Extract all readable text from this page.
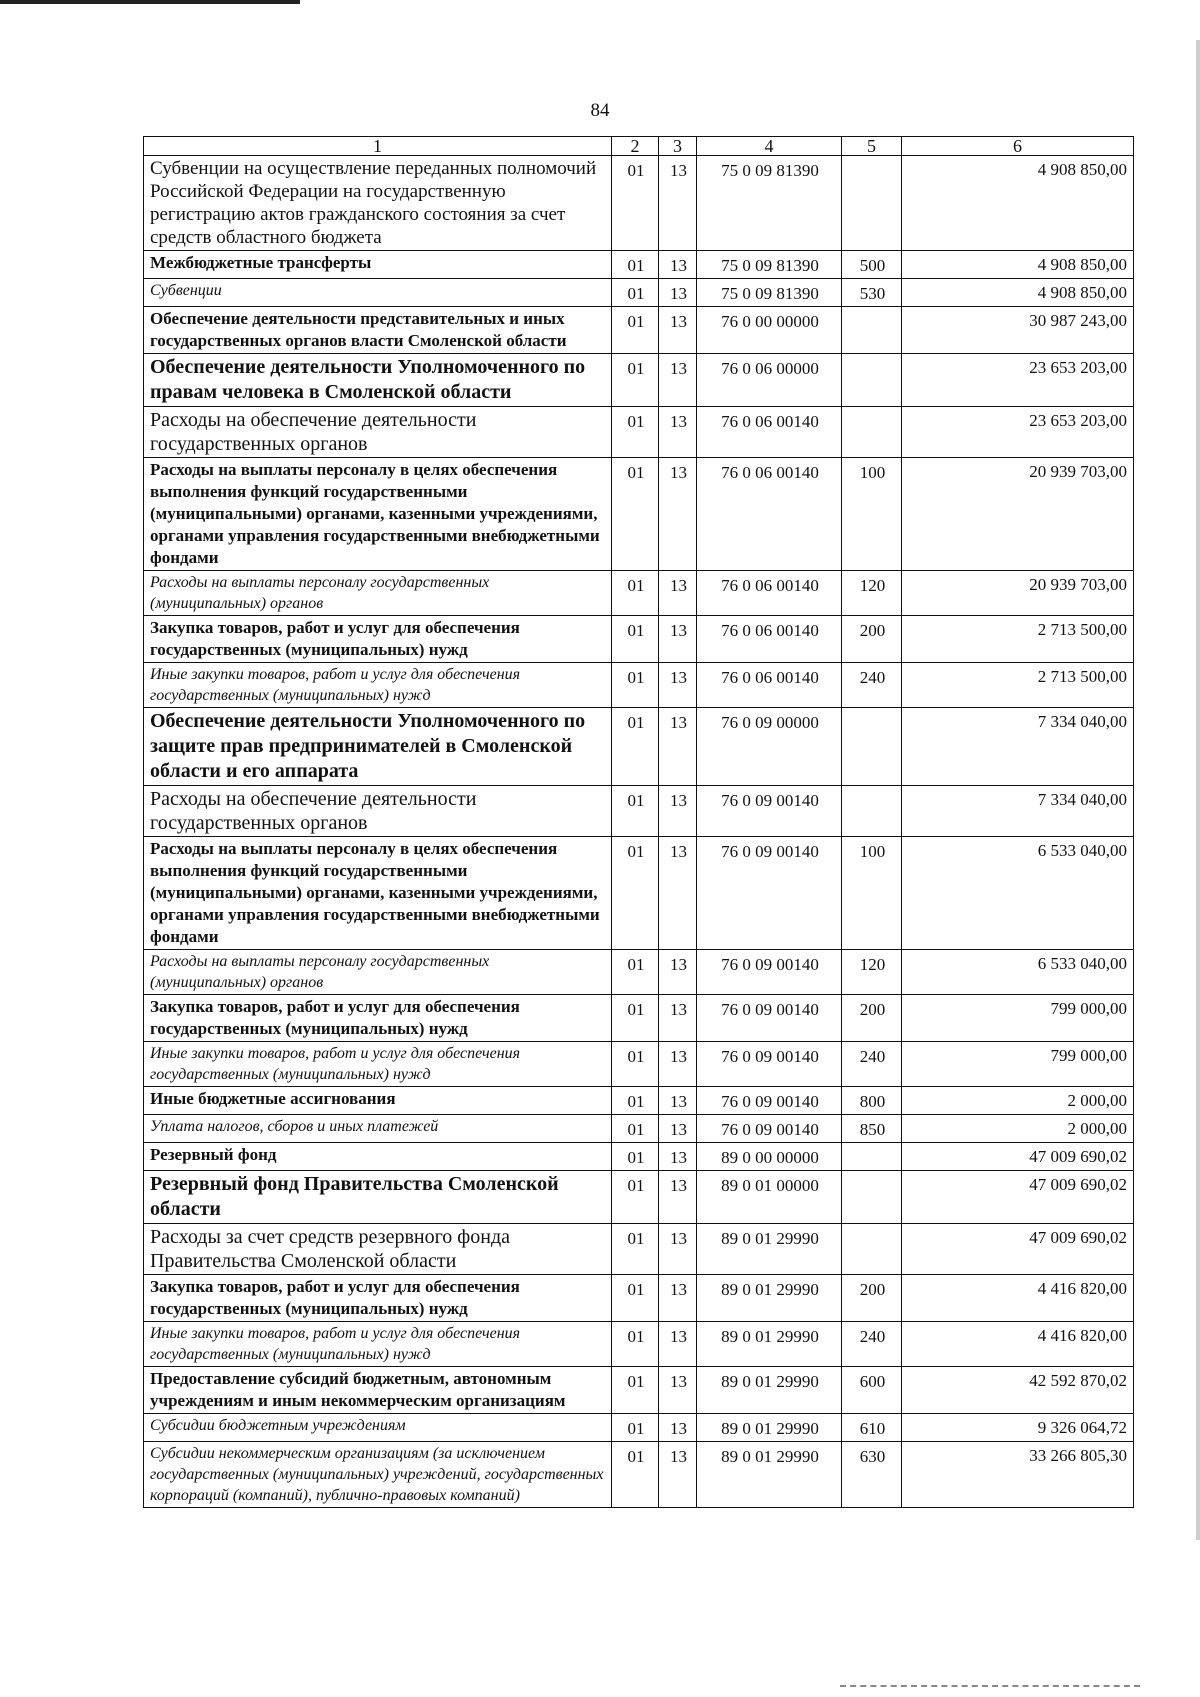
84
1	2	3	4	5	6
Субвенции на осуществление переданных полномочий Российской Федерации на государственную регистрацию актов гражданского состояния за счет средств областного бюджета	01	13	75 0 09 81390		4 908 850,00
Межбюджетные трансферты	01	13	75 0 09 81390	500	4 908 850,00
Субвенции	01	13	75 0 09 81390	530	4 908 850,00
Обеспечение деятельности представительных и иных государственных органов власти Смоленской области	01	13	76 0 00 00000		30 987 243,00
Обеспечение деятельности Уполномоченного по правам человека в Смоленской области	01	13	76 0 06 00000		23 653 203,00
Расходы на обеспечение деятельности государственных органов	01	13	76 0 06 00140		23 653 203,00
Расходы на выплаты персоналу в целях обеспечения выполнения функций государственными (муниципальными) органами, казенными учреждениями, органами управления государственными внебюджетными фондами	01	13	76 0 06 00140	100	20 939 703,00
Расходы на выплаты персоналу государственных (муниципальных) органов	01	13	76 0 06 00140	120	20 939 703,00
Закупка товаров, работ и услуг для обеспечения государственных (муниципальных) нужд	01	13	76 0 06 00140	200	2 713 500,00
Иные закупки товаров, работ и услуг для обеспечения государственных (муниципальных) нужд	01	13	76 0 06 00140	240	2 713 500,00
Обеспечение деятельности Уполномоченного по защите прав предпринимателей в Смоленской области и его аппарата	01	13	76 0 09 00000		7 334 040,00
Расходы на обеспечение деятельности государственных органов	01	13	76 0 09 00140		7 334 040,00
Расходы на выплаты персоналу в целях обеспечения выполнения функций государственными (муниципальными) органами, казенными учреждениями, органами управления государственными внебюджетными фондами	01	13	76 0 09 00140	100	6 533 040,00
Расходы на выплаты персоналу государственных (муниципальных) органов	01	13	76 0 09 00140	120	6 533 040,00
Закупка товаров, работ и услуг для обеспечения государственных (муниципальных) нужд	01	13	76 0 09 00140	200	799 000,00
Иные закупки товаров, работ и услуг для обеспечения государственных (муниципальных) нужд	01	13	76 0 09 00140	240	799 000,00
Иные бюджетные ассигнования	01	13	76 0 09 00140	800	2 000,00
Уплата налогов, сборов и иных платежей	01	13	76 0 09 00140	850	2 000,00
Резервный фонд	01	13	89 0 00 00000		47 009 690,02
Резервный фонд Правительства Смоленской области	01	13	89 0 01 00000		47 009 690,02
Расходы за счет средств резервного фонда Правительства Смоленской области	01	13	89 0 01 29990		47 009 690,02
Закупка товаров, работ и услуг для обеспечения государственных (муниципальных) нужд	01	13	89 0 01 29990	200	4 416 820,00
Иные закупки товаров, работ и услуг для обеспечения государственных (муниципальных) нужд	01	13	89 0 01 29990	240	4 416 820,00
Предоставление субсидий бюджетным, автономным учреждениям и иным некоммерческим организациям	01	13	89 0 01 29990	600	42 592 870,02
Субсидии бюджетным учреждениям	01	13	89 0 01 29990	610	9 326 064,72
Субсидии некоммерческим организациям (за исключением государственных (муниципальных) учреждений, государственных корпораций (компаний), публично-правовых компаний)	01	13	89 0 01 29990	630	33 266 805,30
